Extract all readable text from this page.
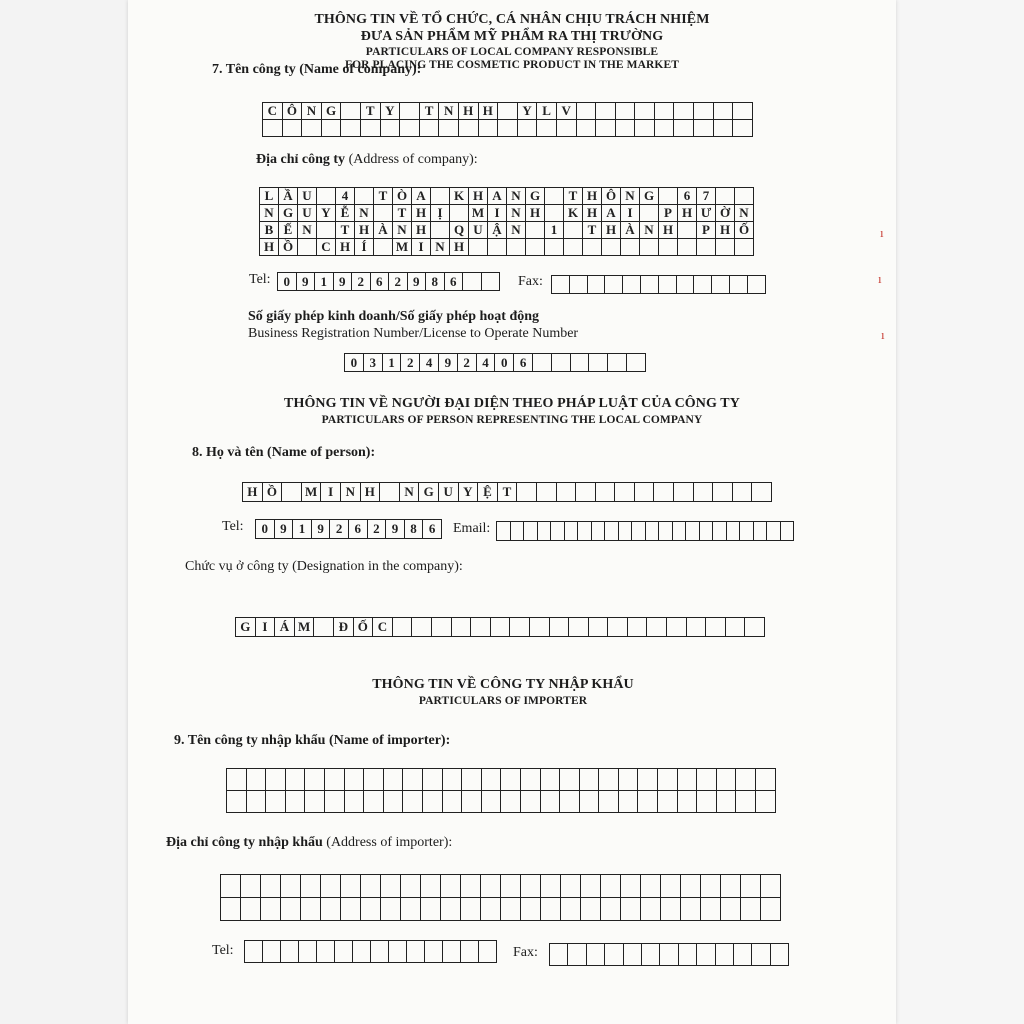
THÔNG TIN VỀ TỔ CHỨC, CÁ NHÂN CHỊU TRÁCH NHIỆM
ĐƯA SẢN PHẨM MỸ PHẨM RA THỊ TRƯỜNG
PARTICULARS OF LOCAL COMPANY RESPONSIBLE
FOR PLACING THE COSMETIC PRODUCT IN THE MARKET
7. Tên công ty (Name of company):
C Ô N G	T Y	T N H H	Y L V
Địa chỉ công ty (Address of company):
L Ầ U	4	T Ò A	K H A N G	T H Ô N G	6 7
N G U Y Ễ N	T H Ị	M I N H	K H A I	P H Ư Ờ N
B Ế N	T H À N H	Q U Ậ N	1	T H À N H	P H Ố
H Ồ	C H Í	M I N H
Tel: 0 9 1 9 2 6 2 9 8 6	Fax:
Số giấy phép kinh doanh/Số giấy phép hoạt động
Business Registration Number/License to Operate Number
0 3 1 2 4 9 2 4 0 6
THÔNG TIN VỀ NGƯỜI ĐẠI DIỆN THEO PHÁP LUẬT CỦA CÔNG TY
PARTICULARS OF PERSON REPRESENTING THE LOCAL COMPANY
8. Họ và tên (Name of person):
H Ồ	M I N H	N G U Y Ệ T
Tel:	0 9 1 9 2 6 2 9 8 6	Email:
Chức vụ ở công ty (Designation in the company):
G I Á M	Đ Ố C
THÔNG TIN VỀ CÔNG TY NHẬP KHẨU
PARTICULARS OF IMPORTER
9. Tên công ty nhập khẩu (Name of importer):
Địa chỉ công ty nhập khẩu (Address of importer):
Tel:	Fax:
ı
ı
ı
